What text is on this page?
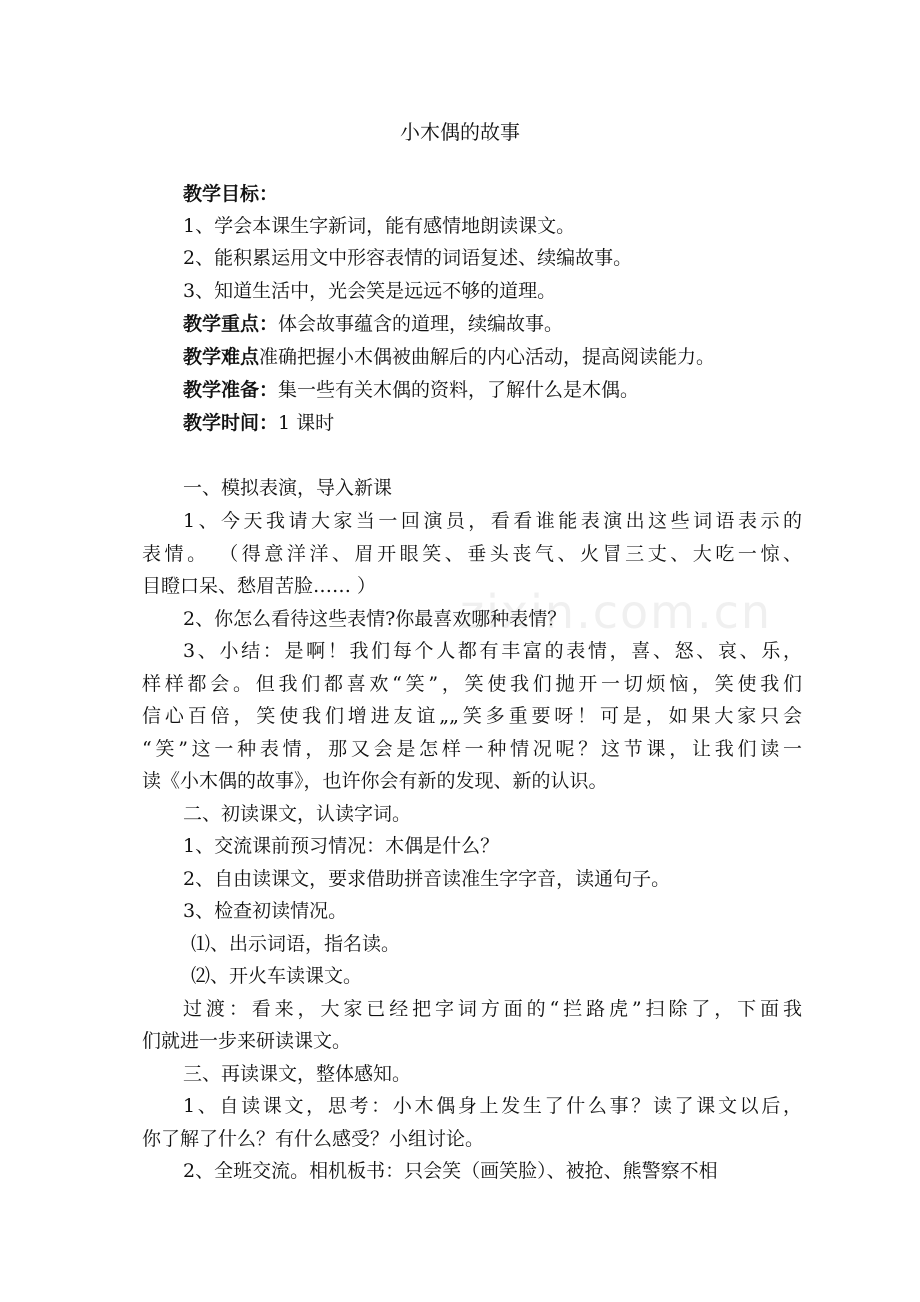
zixin.com.cn
小木偶的故事
教学目标：
1、学会本课生字新词，能有感情地朗读课文。
2、能积累运用文中形容表情的词语复述、续编故事。
3、知道生活中，光会笑是远远不够的道理。
教学重点：体会故事蕴含的道理，续编故事。
教学难点准确把握小木偶被曲解后的内心活动，提高阅读能力。
教学准备：集一些有关木偶的资料，了解什么是木偶。
教学时间：1 课时
一、模拟表演，导入新课
1、今天我请大家当一回演员，看看谁能表演出这些词语表示的
表情。 （得意洋洋、眉开眼笑、垂头丧气、火冒三丈、大吃一惊、
目瞪口呆、愁眉苦脸…… ）
2、你怎么看待这些表情?你最喜欢哪种表情？
3、小结：是啊！我们每个人都有丰富的表情，喜、怒、哀、乐，
样样都会。但我们都喜欢“笑”，笑使我们抛开一切烦恼，笑使我们
信心百倍，笑使我们增进友谊„„笑多重要呀！可是，如果大家只会
“笑”这一种表情，那又会是怎样一种情况呢？这节课，让我们读一
读《小木偶的故事》，也许你会有新的发现、新的认识。
二、初读课文，认读字词。
1、交流课前预习情况：木偶是什么？
2、自由读课文，要求借助拼音读准生字字音，读通句子。
3、检查初读情况。
⑴、出示词语，指名读。
⑵、开火车读课文。
过渡：看来，大家已经把字词方面的“拦路虎”扫除了，下面我
们就进一步来研读课文。
三、再读课文，整体感知。
1、自读课文，思考：小木偶身上发生了什么事？读了课文以后，
你了解了什么？有什么感受？小组讨论。
2、全班交流。相机板书：只会笑（画笑脸）、被抢、熊警察不相
